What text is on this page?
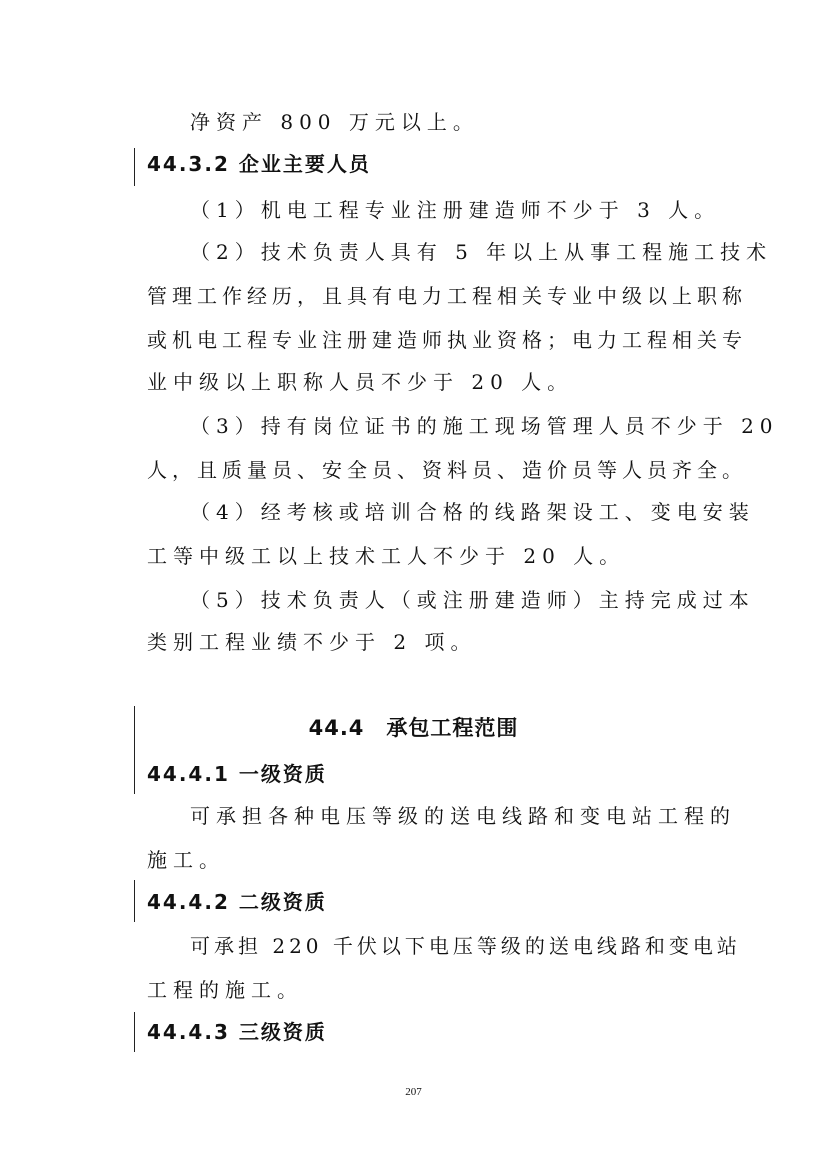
净资产 800 万元以上。
44.3.2 企业主要人员
（1）机电工程专业注册建造师不少于 3 人。
（2）技术负责人具有 5 年以上从事工程施工技术
管理工作经历，且具有电力工程相关专业中级以上职称
或机电工程专业注册建造师执业资格；电力工程相关专
业中级以上职称人员不少于 20 人。
（3）持有岗位证书的施工现场管理人员不少于 20
人，且质量员、安全员、资料员、造价员等人员齐全。
（4）经考核或培训合格的线路架设工、变电安装
工等中级工以上技术工人不少于 20 人。
（5）技术负责人（或注册建造师）主持完成过本
类别工程业绩不少于 2 项。
44.4　承包工程范围
44.4.1 一级资质
可承担各种电压等级的送电线路和变电站工程的
施工。
44.4.2 二级资质
可承担 220 千伏以下电压等级的送电线路和变电站
工程的施工。
44.4.3 三级资质
207
